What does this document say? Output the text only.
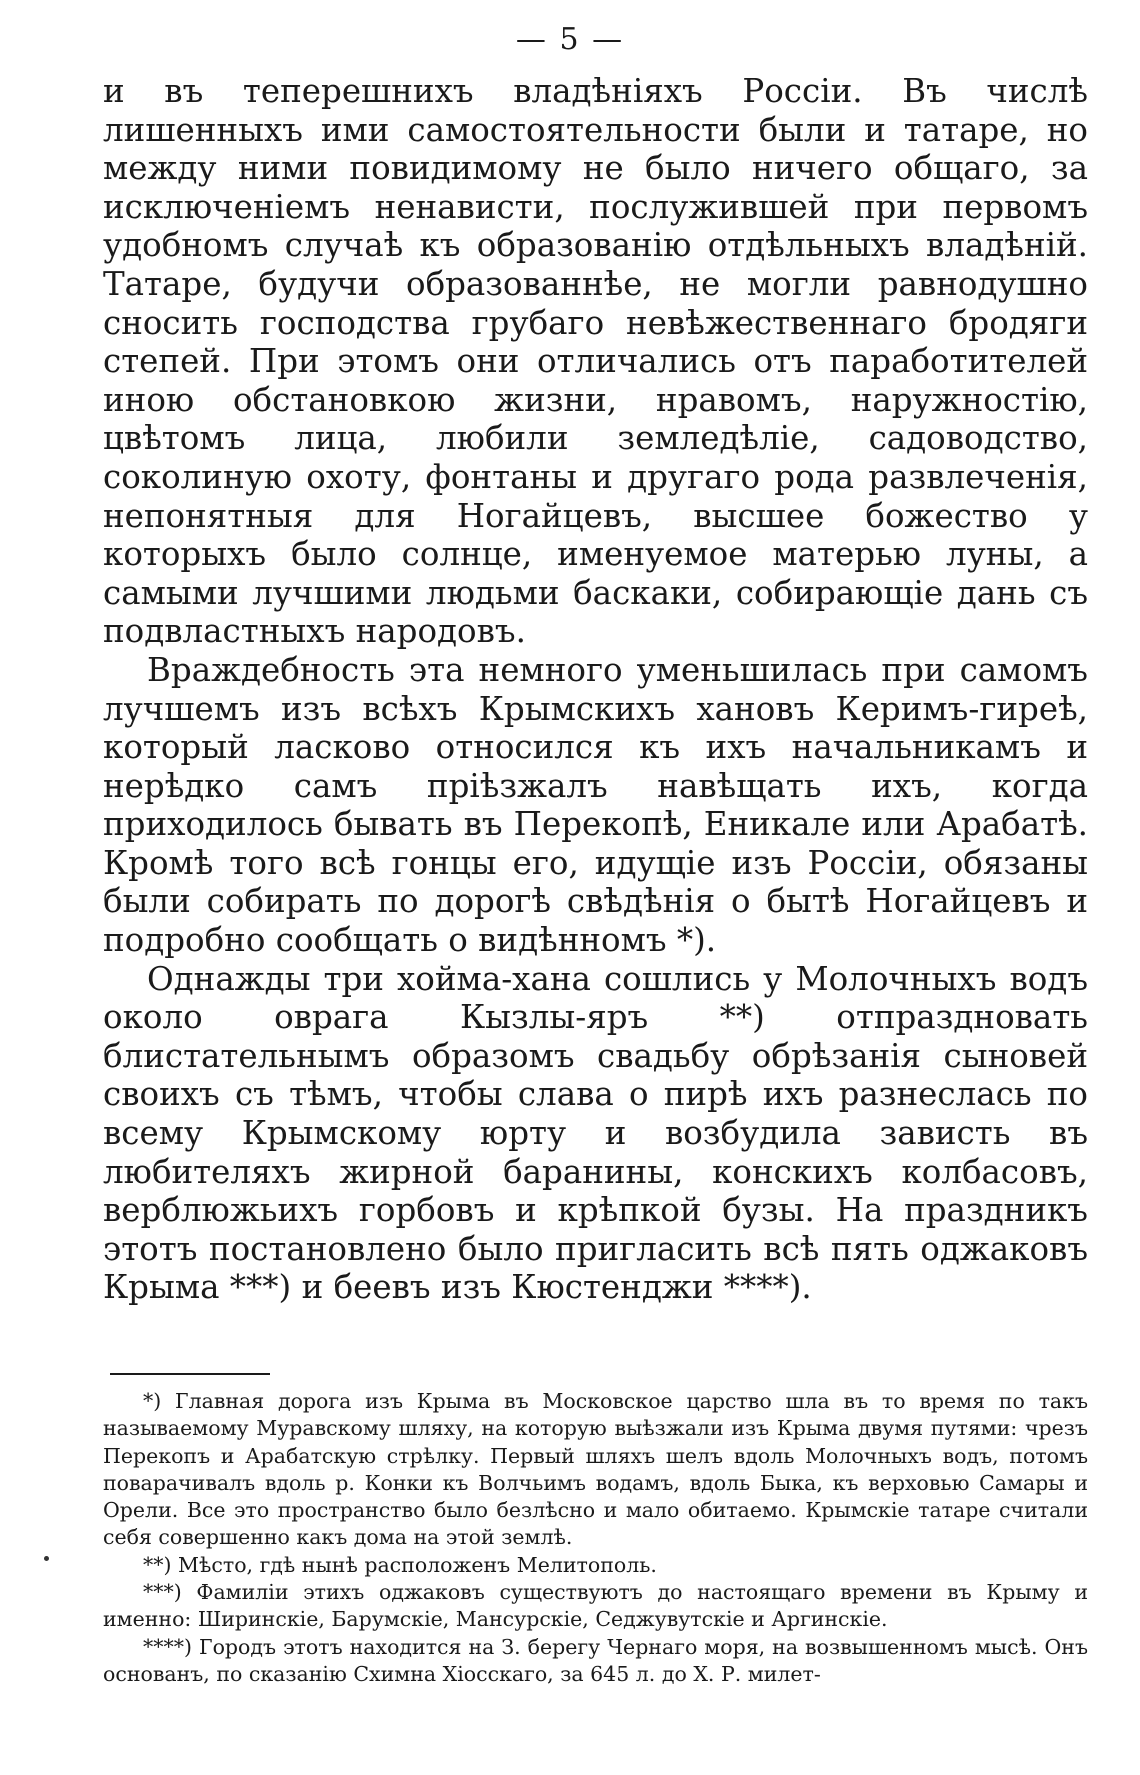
— 5 —

и въ теперешнихъ владѣніяхъ Россіи. Въ числѣ лишенныхъ ими самостоятельности были и татаре, но между ними повидимому не было ничего общаго, за исключеніемъ ненависти, послужившей при первомъ удобномъ случаѣ къ образованію отдѣльныхъ владѣній. Татаре, будучи образованнѣе, не могли равнодушно сносить господства грубаго невѣжественнаго бродяги степей. При этомъ они отличались отъ паработителей иною обстановкою жизни, нравомъ, наружностію, цвѣтомъ лица, любили земледѣліе, садоводство, соколиную охоту, фонтаны и другаго рода развлеченія, непонятныя для Ногайцевъ, высшее божество у которыхъ было солнце, именуемое матерью луны, а самыми лучшими людьми баскаки, собирающіе дань съ подвластныхъ народовъ.

Враждебность эта немного уменьшилась при самомъ лучшемъ изъ всѣхъ Крымскихъ хановъ Керимъ-гиреѣ, который ласково относился къ ихъ начальникамъ и нерѣдко самъ пріѣзжалъ навѣщать ихъ, когда приходилось бывать въ Перекопѣ, Еникале или Арабатѣ. Кромѣ того всѣ гонцы его, идущіе изъ Россіи, обязаны были собирать по дорогѣ свѣдѣнія о бытѣ Ногайцевъ и подробно сообщать о видѣнномъ *).

Однажды три хойма-хана сошлись у Молочныхъ водъ около оврага Кызлы-яръ **) отпраздновать блистательнымъ образомъ свадьбу обрѣзанія сыновей своихъ съ тѣмъ, чтобы слава о пирѣ ихъ разнеслась по всему Крымскому юрту и возбудила зависть въ любителяхъ жирной баранины, конскихъ колбасовъ, верблюжьихъ горбовъ и крѣпкой бузы. На праздникъ этотъ постановлено было пригласить всѣ пять оджаковъ Крыма ***) и беевъ изъ Кюстенджи ****).

*) Главная дорога изъ Крыма въ Московское царство шла въ то время по такъ называемому Муравскому шляху, на которую выѣзжали изъ Крыма двумя путями: чрезъ Перекопъ и Арабатскую стрѣлку. Первый шляхъ шелъ вдоль Молочныхъ водъ, потомъ поварачивалъ вдоль р. Конки къ Волчьимъ водамъ, вдоль Быка, къ верховью Самары и Орели. Все это пространство было безлѣсно и мало обитаемо. Крымскіе татаре считали себя совершенно какъ дома на этой землѣ.

**) Мѣсто, гдѣ нынѣ расположенъ Мелитополь.

***) Фамиліи этихъ оджаковъ существуютъ до настоящаго времени въ Крыму и именно: Ширинскіе, Барумскіе, Мансурскіе, Седжувутскіе и Аргинскіе.

****) Городъ этотъ находится на З. берегу Чернаго моря, на возвышенномъ мысѣ. Онъ основанъ, по сказанію Схимна Хіосскаго, за 645 л. до Х. Р. милет-
